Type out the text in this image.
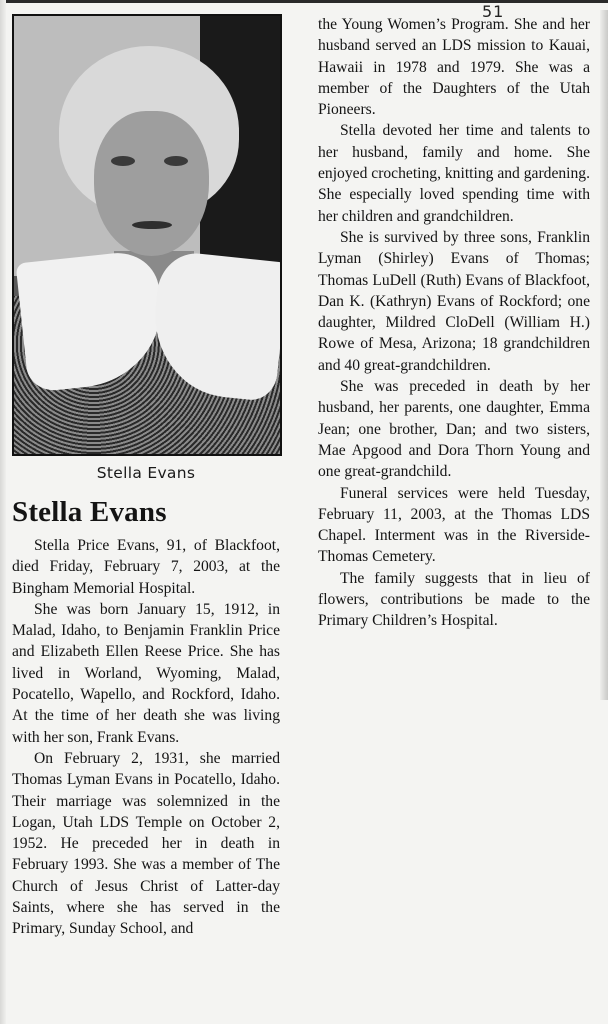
51

Stella Evans

Stella Evans

Stella Price Evans, 91, of Blackfoot, died Friday, February 7, 2003, at the Bingham Memorial Hospital.

She was born January 15, 1912, in Malad, Idaho, to Benjamin Franklin Price and Elizabeth Ellen Reese Price. She has lived in Worland, Wyoming, Malad, Pocatello, Wapello, and Rockford, Idaho. At the time of her death she was living with her son, Frank Evans.

On February 2, 1931, she married Thomas Lyman Evans in Pocatello, Idaho. Their marriage was solemnized in the Logan, Utah LDS Temple on October 2, 1952. He preceded her in death in February 1993. She was a member of The Church of Jesus Christ of Latter-day Saints, where she has served in the Primary, Sunday School, and

the Young Women’s Program. She and her husband served an LDS mission to Kauai, Hawaii in 1978 and 1979. She was a member of the Daughters of the Utah Pioneers.

Stella devoted her time and talents to her husband, family and home. She enjoyed crocheting, knitting and gardening. She especially loved spending time with her children and grandchildren.

She is survived by three sons, Franklin Lyman (Shirley) Evans of Thomas; Thomas LuDell (Ruth) Evans of Blackfoot, Dan K. (Kathryn) Evans of Rockford; one daughter, Mildred CloDell (William H.) Rowe of Mesa, Arizona; 18 grandchildren and 40 great-grandchildren.

She was preceded in death by her husband, her parents, one daughter, Emma Jean; one brother, Dan; and two sisters, Mae Apgood and Dora Thorn Young and one great-grandchild.

Funeral services were held Tuesday, February 11, 2003, at the Thomas LDS Chapel. Interment was in the Riverside-Thomas Cemetery.

The family suggests that in lieu of flowers, contributions be made to the Primary Children’s Hospital.
